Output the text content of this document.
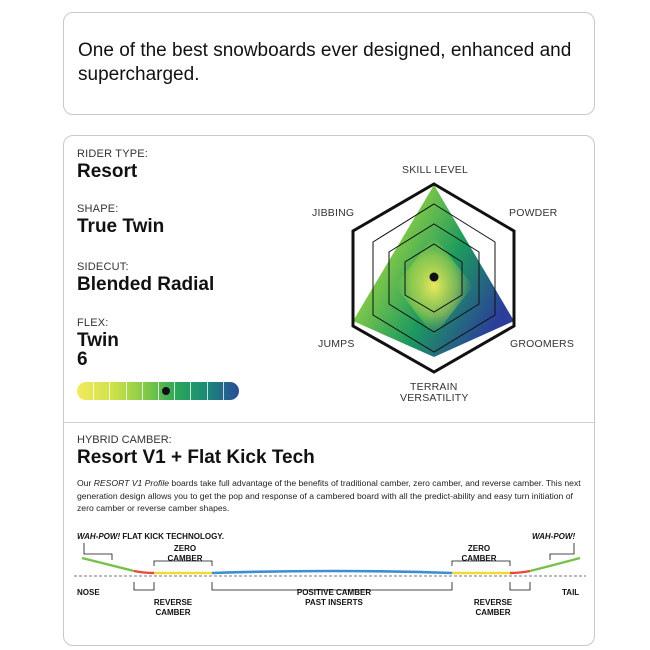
One of the best snowboards ever designed, enhanced and supercharged.
RIDER TYPE:
Resort
SHAPE:
True Twin
SIDECUT:
Blended Radial
FLEX:
Twin
6
SKILL LEVEL
POWDER
GROOMERS
TERRAIN
VERSATILITY
JUMPS
JIBBING
HYBRID CAMBER:
Resort V1 + Flat Kick Tech
Our RESORT V1 Profile boards take full advantage of the benefits of traditional camber, zero camber, and reverse camber. This next generation design allows you to get the pop and response of a cambered board with all the predict-ability and easy turn initiation of zero camber or reverse camber shapes.
WAH-POW! FLAT KICK TECHNOLOGY.	WAH-POW!
ZERO CAMBER
ZERO CAMBER
NOSE	TAIL
REVERSE CAMBER
POSITIVE CAMBER PAST INSERTS	REVERSE CAMBER
